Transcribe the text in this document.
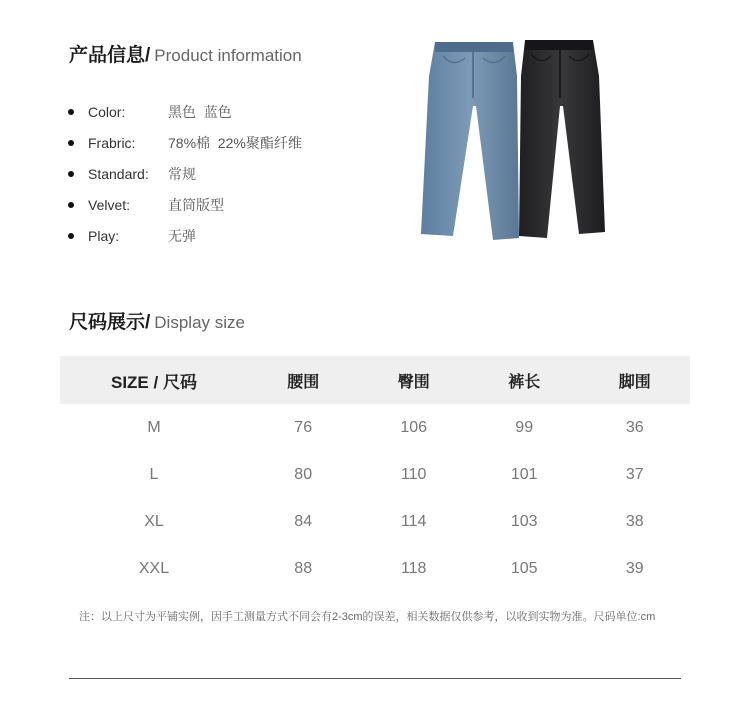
产品信息/ Product information
Color:	黑色  蓝色
Frabric:	78%棉  22%聚酯纤维
Standard:	常规
Velvet:	直筒版型
Play:	无弹
尺码展示/ Display size
SIZE / 尺码	腰围	臀围	裤长	脚围
M	76	106	99	36
L	80	110	101	37
XL	84	114	103	38
XXL	88	118	105	39
注：以上尺寸为平铺实例，因手工测量方式不同会有2-3cm的误差，相关数据仅供参考，以收到实物为准。尺码单位:cm
